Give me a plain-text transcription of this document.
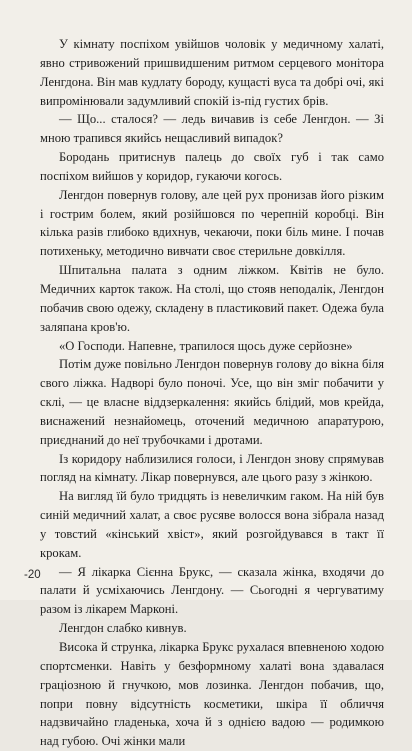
У кімнату поспіхом увійшов чоловік у медичному халаті, явно стривожений пришвидшеним ритмом серцевого монітора Ленгдона. Він мав кудлату бороду, кущасті вуса та добрі очі, які випромінювали задумливий спокій із-під густих брів.

— Що... сталося? — ледь вичавив із себе Ленгдон. — Зі мною трапився якийсь нещасливий випадок?

Бородань притиснув палець до своїх губ і так само поспіхом вийшов у коридор, гукаючи когось.

Ленгдон повернув голову, але цей рух пронизав його різким і гострим болем, який розійшовся по черепній коробці. Він кілька разів глибоко вдихнув, чекаючи, поки біль мине. І почав потихеньку, методично вивчати своє стерильне довкілля.

Шпитальна палата з одним ліжком. Квітів не було. Медичних карток також. На столі, що стояв неподалік, Ленгдон побачив свою одежу, складену в пластиковий пакет. Одежа була заляпана кров'ю.

«О Господи. Напевне, трапилося щось дуже серйозне»

Потім дуже повільно Ленгдон повернув голову до вікна біля свого ліжка. Надворі було поночі. Усе, що він зміг побачити у склі, — це власне віддзеркалення: якийсь блідий, мов крейда, виснажений незнайомець, оточений медичною апаратурою, приєднаний до неї трубочками і дротами.

Із коридору наблизилися голоси, і Ленгдон знову спрямував погляд на кімнату. Лікар повернувся, але цього разу з жінкою.

На вигляд їй було тридцять із невеличким гаком. На ній був синій медичний халат, а своє русяве волосся вона зібрала назад у товстий «кінський хвіст», який розгойдувався в такт її крокам.

— Я лікарка Сієнна Брукс, — сказала жінка, входячи до палати й усміхаючись Ленгдону. — Сьогодні я чергуватиму разом із лікарем Марконі.

Ленгдон слабко кивнув.

Висока й струнка, лікарка Брукс рухалася впевненою ходою спортсменки. Навіть у безформному халаті вона здавалася граціозною й гнучкою, мов лозинка. Ленгдон побачив, що, попри повну відсутність косметики, шкіра її обличчя надзвичайно гладенька, хоча й з однією вадою — родимкою над губою. Очі жінки мали

-20
